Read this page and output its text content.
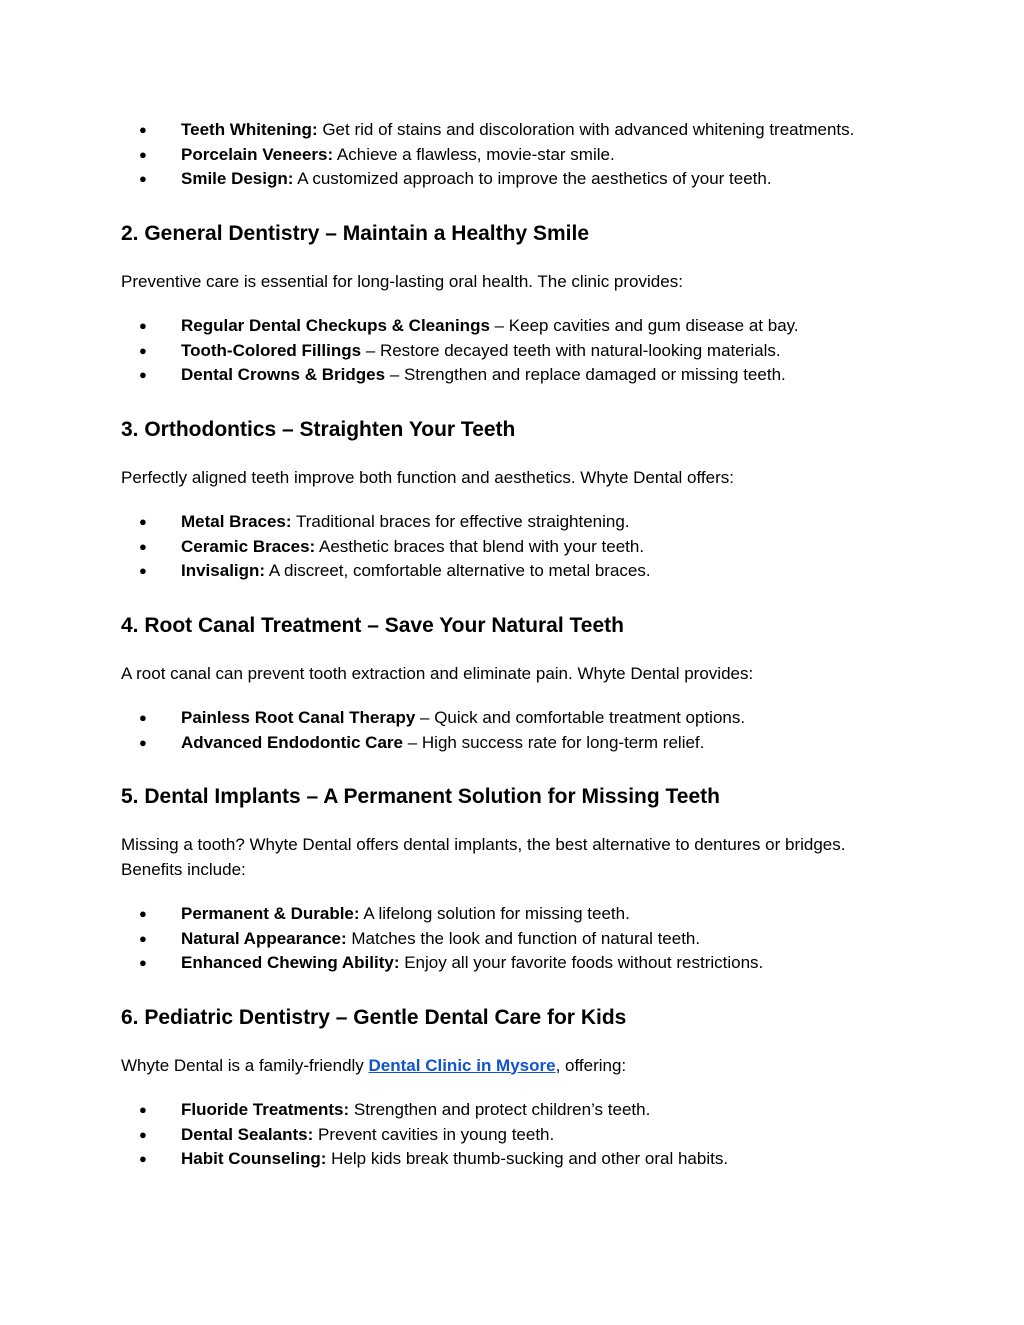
● Teeth Whitening: Get rid of stains and discoloration with advanced whitening treatments.
● Porcelain Veneers: Achieve a flawless, movie-star smile.
● Smile Design: A customized approach to improve the aesthetics of your teeth.
2. General Dentistry – Maintain a Healthy Smile

Preventive care is essential for long-lasting oral health. The clinic provides:

● Regular Dental Checkups & Cleanings – Keep cavities and gum disease at bay.
● Tooth-Colored Fillings – Restore decayed teeth with natural-looking materials.
● Dental Crowns & Bridges – Strengthen and replace damaged or missing teeth.
3. Orthodontics – Straighten Your Teeth

Perfectly aligned teeth improve both function and aesthetics. Whyte Dental offers:

● Metal Braces: Traditional braces for effective straightening.
● Ceramic Braces: Aesthetic braces that blend with your teeth.
● Invisalign: A discreet, comfortable alternative to metal braces.
4. Root Canal Treatment – Save Your Natural Teeth

A root canal can prevent tooth extraction and eliminate pain. Whyte Dental provides:

● Painless Root Canal Therapy – Quick and comfortable treatment options.
● Advanced Endodontic Care – High success rate for long-term relief.
5. Dental Implants – A Permanent Solution for Missing Teeth

Missing a tooth? Whyte Dental offers dental implants, the best alternative to dentures or bridges. Benefits include:

● Permanent & Durable: A lifelong solution for missing teeth.
● Natural Appearance: Matches the look and function of natural teeth.
● Enhanced Chewing Ability: Enjoy all your favorite foods without restrictions.
6. Pediatric Dentistry – Gentle Dental Care for Kids

Whyte Dental is a family-friendly Dental Clinic in Mysore, offering:

● Fluoride Treatments: Strengthen and protect children’s teeth.
● Dental Sealants: Prevent cavities in young teeth.
● Habit Counseling: Help kids break thumb-sucking and other oral habits.
